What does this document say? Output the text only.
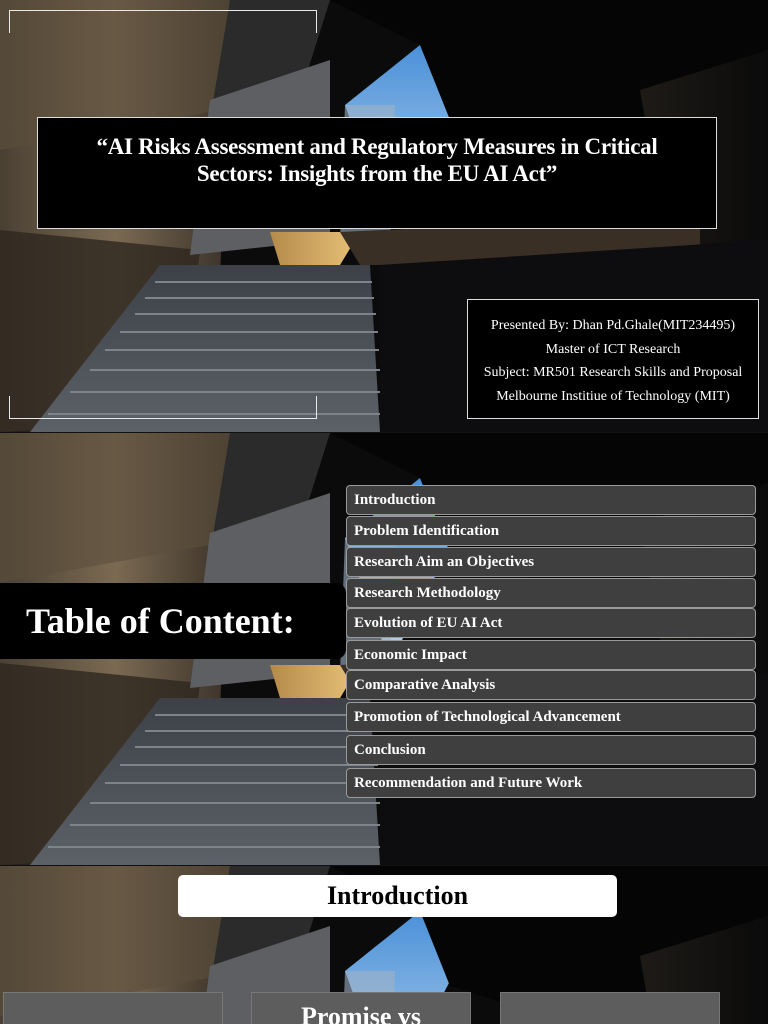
“AI Risks Assessment and Regulatory Measures in Critical Sectors: Insights from the EU AI Act”
Presented By: Dhan Pd.Ghale(MIT234495)
Master of ICT Research
Subject: MR501 Research Skills and Proposal
Melbourne Institiue of Technology (MIT)
Table of Content:
Introduction
Problem Identification
Research Aim an Objectives
Research Methodology
Evolution of EU AI Act
Economic Impact
Comparative Analysis
Promotion of Technological Advancement
Conclusion
Recommendation and Future Work
Introduction
Promise vs
